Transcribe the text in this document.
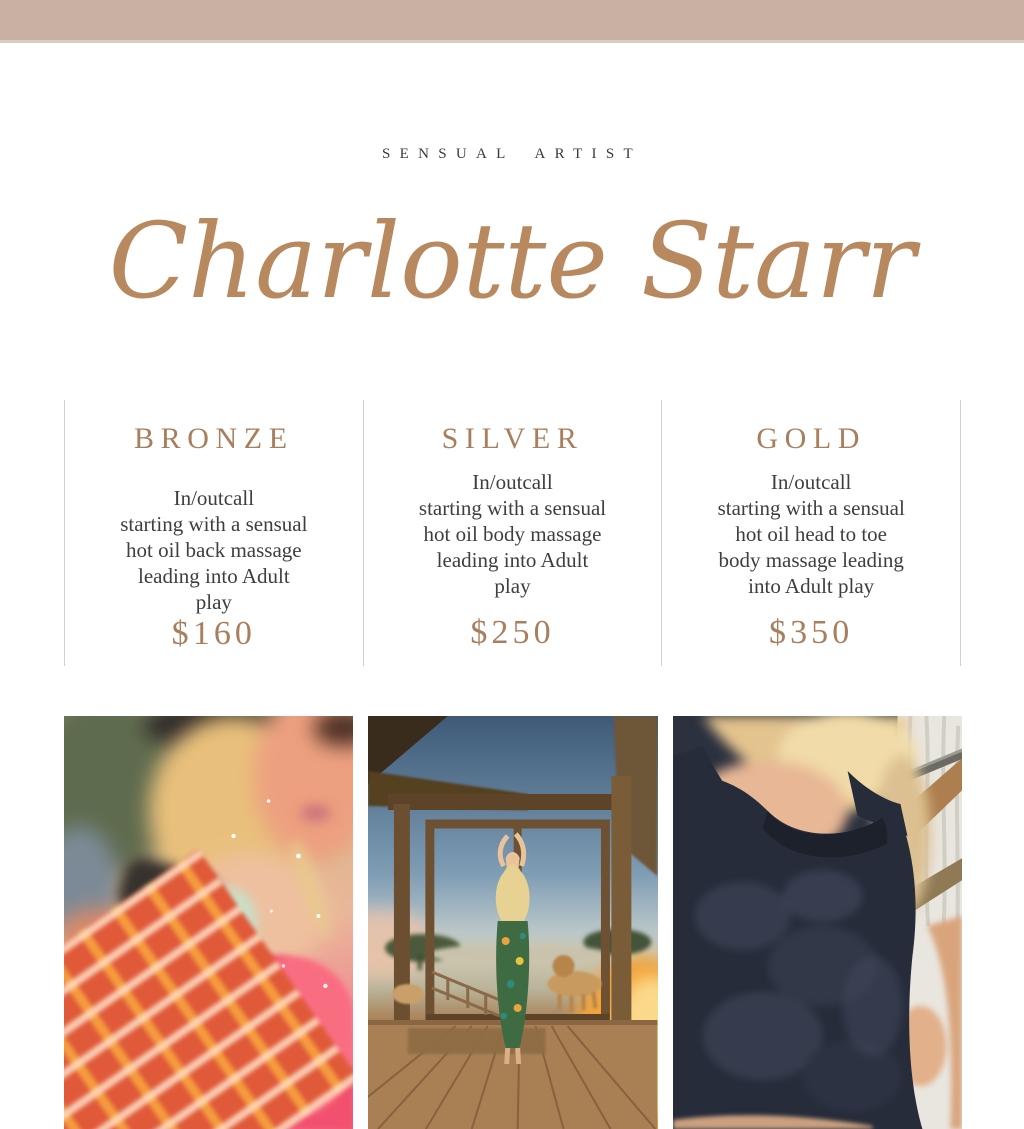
SENSUAL ARTIST
Charlotte Starr
BRONZE
In/outcall
starting with a sensual
hot oil back massage
leading into Adult
play
$160
SILVER
In/outcall
starting with a sensual
hot oil body massage
leading into Adult
play
$250
GOLD
In/outcall
starting with a sensual
hot oil head to toe
body massage leading
into Adult play
$350
